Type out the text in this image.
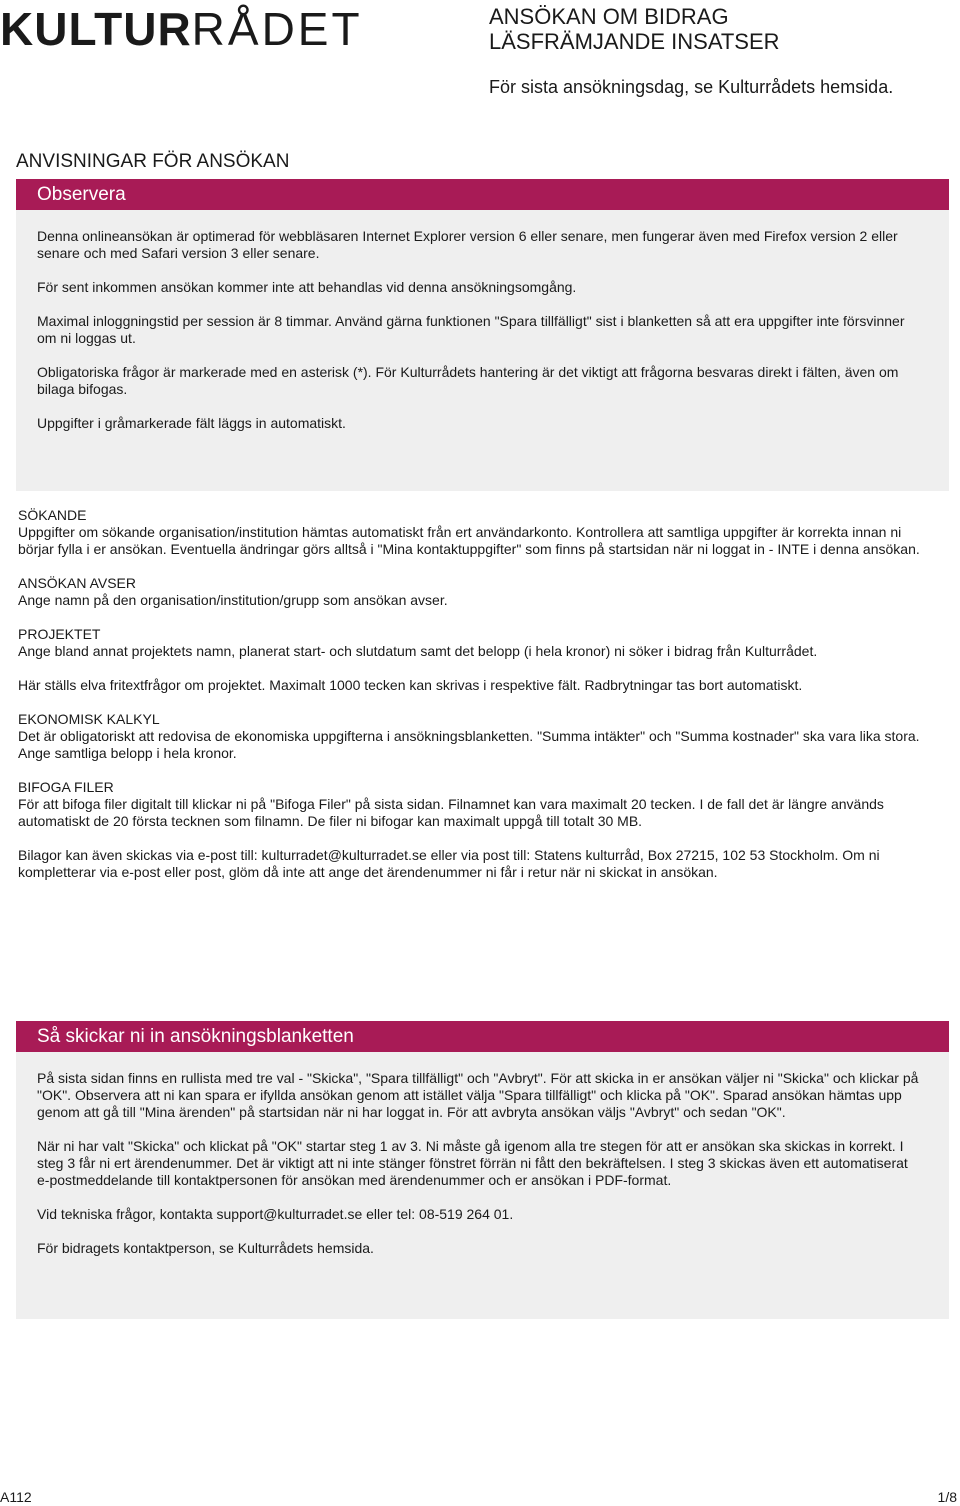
KULTURRÅDET	ANSÖKAN OM BIDRAG
LÄSFRÄMJANDE INSATSER
För sista ansökningsdag, se Kulturrådets hemsida.
ANVISNINGAR FÖR ANSÖKAN
Observera

Denna onlineansökan är optimerad för webbläsaren Internet Explorer version 6 eller senare, men fungerar även med Firefox version 2 eller senare och med Safari version 3 eller senare.

För sent inkommen ansökan kommer inte att behandlas vid denna ansökningsomgång.

Maximal inloggningstid per session är 8 timmar. Använd gärna funktionen "Spara tillfälligt" sist i blanketten så att era uppgifter inte försvinner om ni loggas ut.

Obligatoriska frågor är markerade med en asterisk (*). För Kulturrådets hantering är det viktigt att frågorna besvaras direkt i fälten, även om bilaga bifogas.

Uppgifter i gråmarkerade fält läggs in automatiskt.

SÖKANDE
Uppgifter om sökande organisation/institution hämtas automatiskt från ert användarkonto. Kontrollera att samtliga uppgifter är korrekta innan ni börjar fylla i er ansökan. Eventuella ändringar görs alltså i "Mina kontaktuppgifter" som finns på startsidan när ni loggat in - INTE i denna ansökan.
ANSÖKAN AVSER
Ange namn på den organisation/institution/grupp som ansökan avser.
PROJEKTET
Ange bland annat projektets namn, planerat start- och slutdatum samt det belopp (i hela kronor) ni söker i bidrag från Kulturrådet.
Här ställs elva fritextfrågor om projektet. Maximalt 1000 tecken kan skrivas i respektive fält. Radbrytningar tas bort automatiskt.
EKONOMISK KALKYL
Det är obligatoriskt att redovisa de ekonomiska uppgifterna i ansökningsblanketten. "Summa intäkter" och "Summa kostnader" ska vara lika stora. Ange samtliga belopp i hela kronor.
BIFOGA FILER
För att bifoga filer digitalt till klickar ni på "Bifoga Filer" på sista sidan. Filnamnet kan vara maximalt 20 tecken. I de fall det är längre används automatiskt de 20 första tecknen som filnamn. De filer ni bifogar kan maximalt uppgå till totalt 30 MB.
Bilagor kan även skickas via e-post till: kulturradet@kulturradet.se eller via post till: Statens kulturråd, Box 27215, 102 53 Stockholm. Om ni kompletterar via e-post eller post, glöm då inte att ange det ärendenummer ni får i retur när ni skickat in ansökan.
Så skickar ni in ansökningsblanketten

På sista sidan finns en rullista med tre val - "Skicka", "Spara tillfälligt" och "Avbryt". För att skicka in er ansökan väljer ni "Skicka" och klickar på "OK". Observera att ni kan spara er ifyllda ansökan genom att istället välja "Spara tillfälligt" och klicka på "OK". Sparad ansökan hämtas upp genom att gå till "Mina ärenden" på startsidan när ni har loggat in. För att avbryta ansökan väljs "Avbryt" och sedan "OK".

När ni har valt "Skicka" och klickat på "OK" startar steg 1 av 3. Ni måste gå igenom alla tre stegen för att er ansökan ska skickas in korrekt. I steg 3 får ni ert ärendenummer. Det är viktigt att ni inte stänger fönstret förrän ni fått den bekräftelsen. I steg 3 skickas även ett automatiserat e-postmeddelande till kontaktpersonen för ansökan med ärendenummer och er ansökan i PDF-format.

Vid tekniska frågor, kontakta support@kulturradet.se eller tel: 08-519 264 01.

För bidragets kontaktperson, se Kulturrådets hemsida.

A112	1/8
